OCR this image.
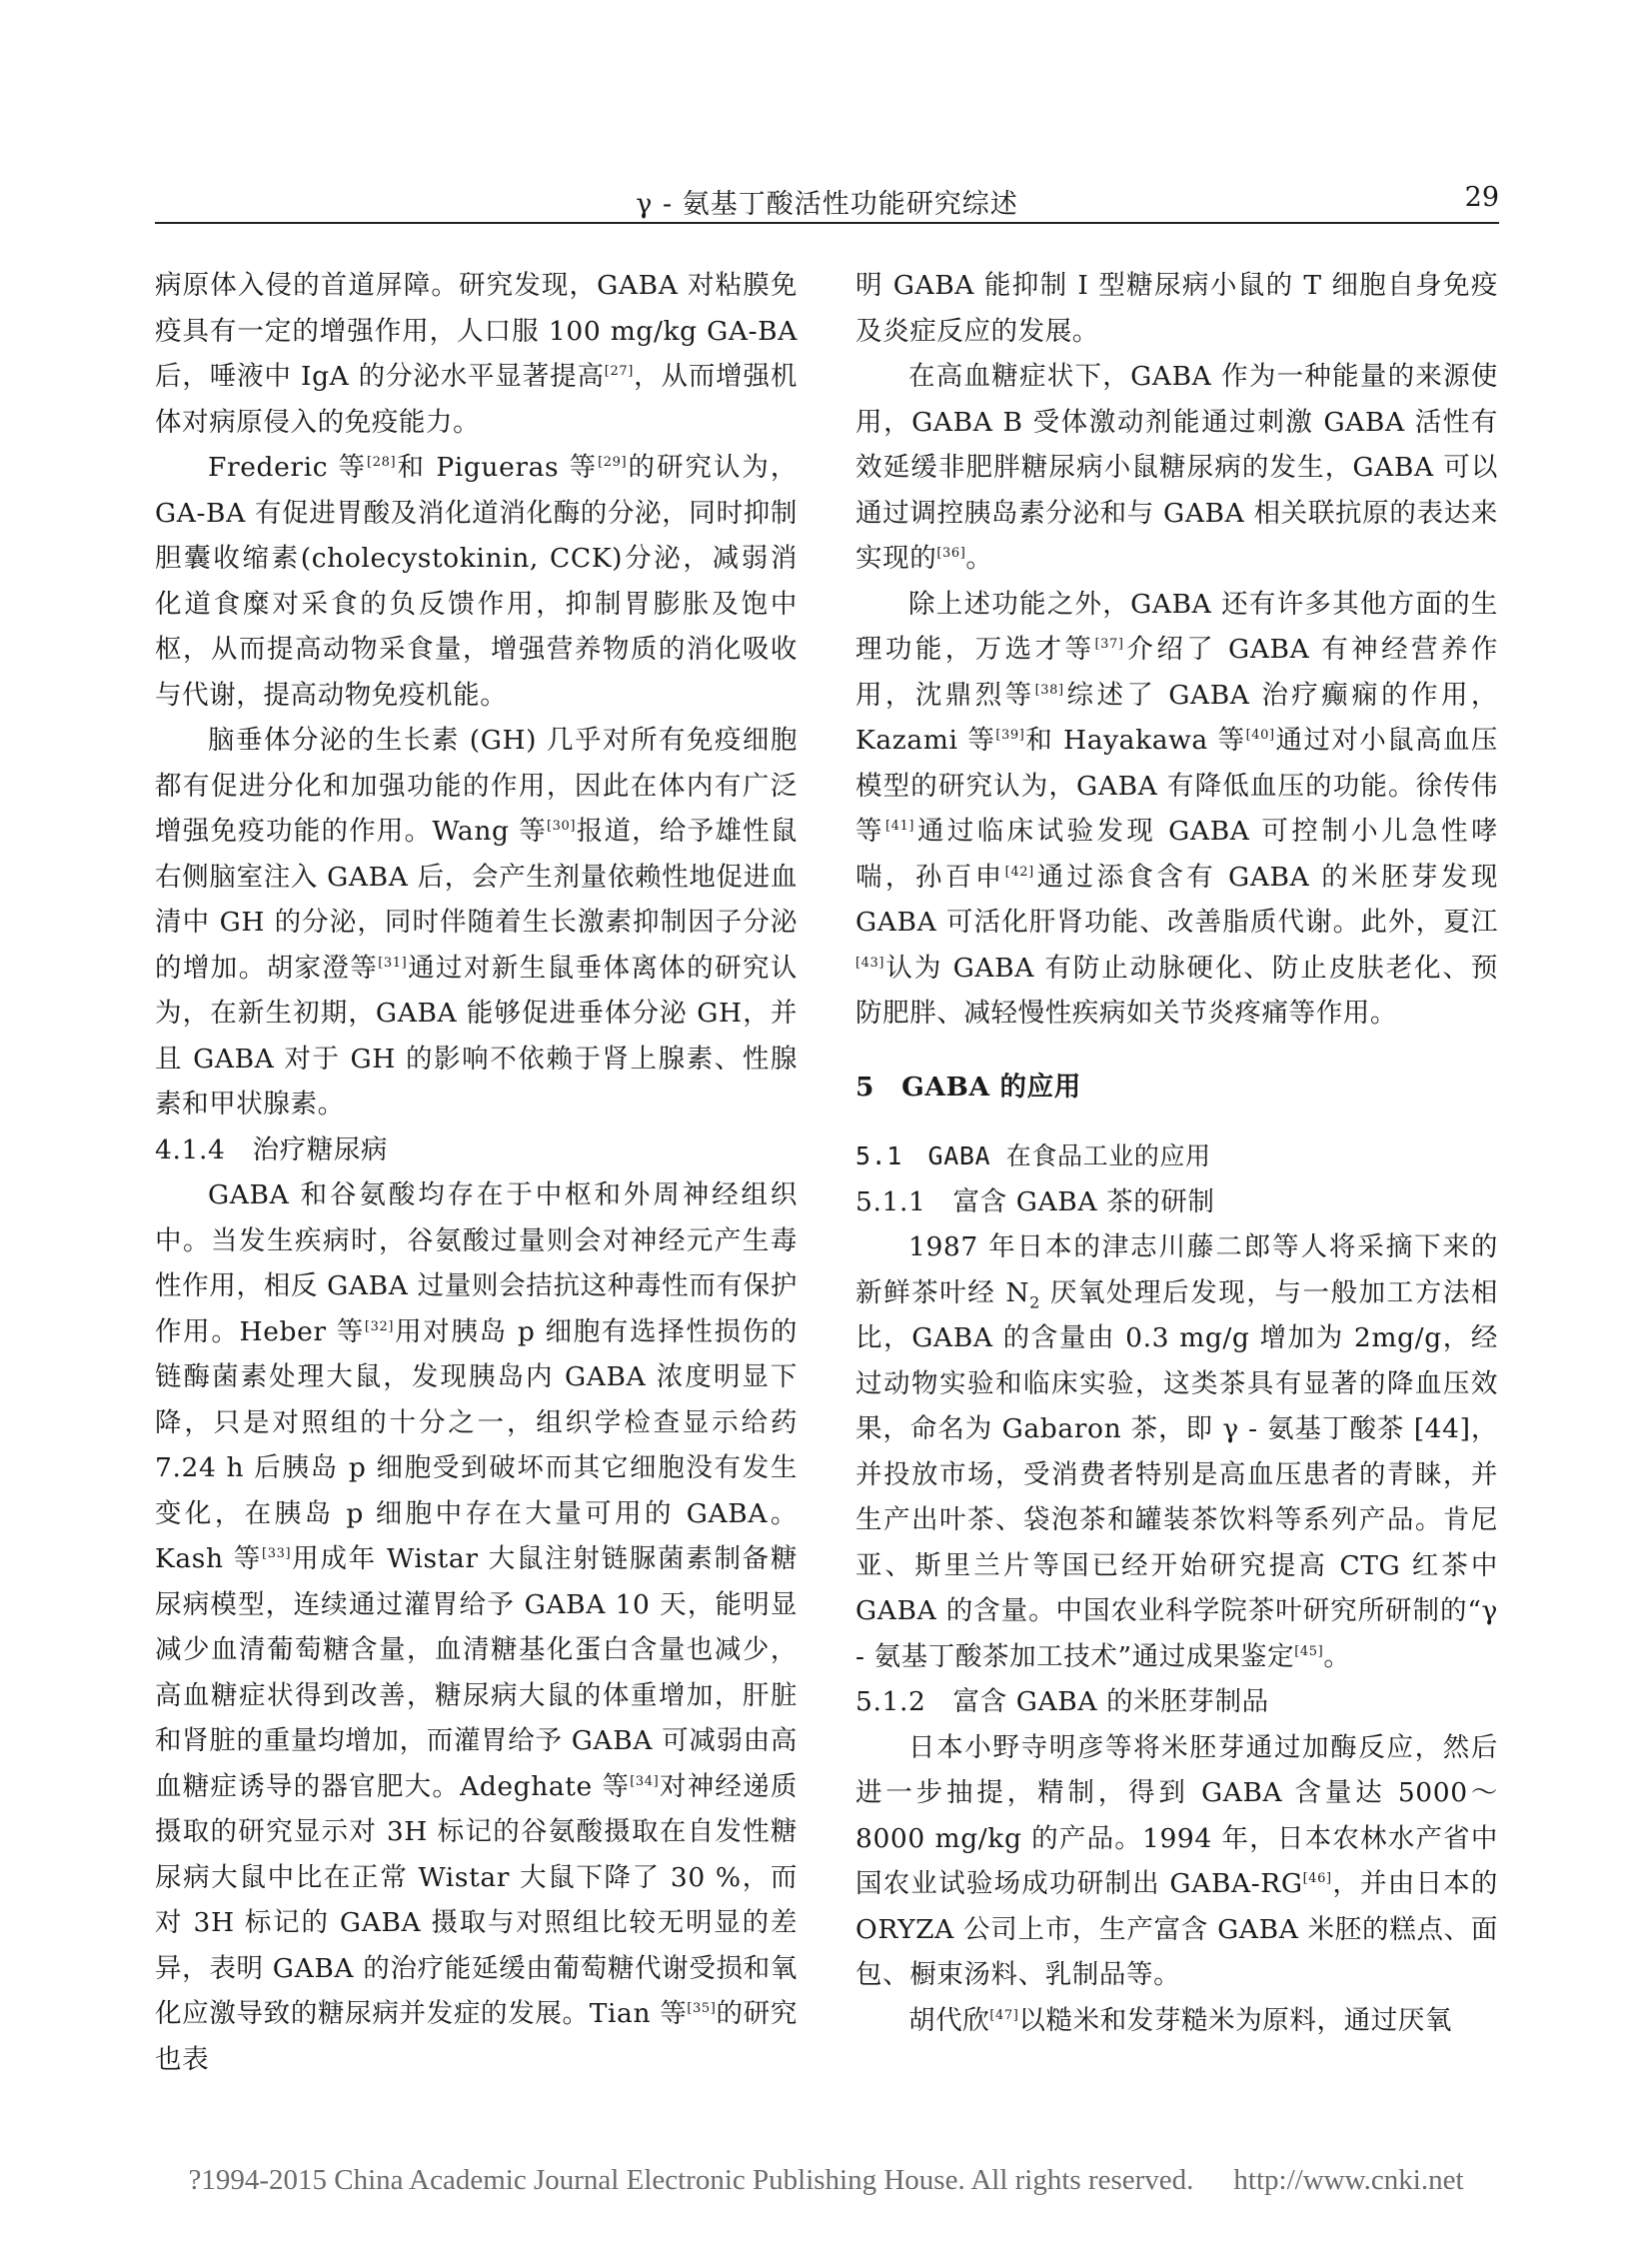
γ - 氨基丁酸活性功能研究综述	29

病原体入侵的首道屏障。研究发现，GABA 对粘膜免疫具有一定的增强作用，人口服 100 mg/kg GA-BA 后，唾液中 IgA 的分泌水平显著提高[27]，从而增强机体对病原侵入的免疫能力。

Frederic 等[28]和 Pigueras 等[29]的研究认为，GA-BA 有促进胃酸及消化道消化酶的分泌，同时抑制胆囊收缩素(cholecystokinin, CCK)分泌，减弱消化道食糜对采食的负反馈作用，抑制胃膨胀及饱中枢，从而提高动物采食量，增强营养物质的消化吸收与代谢，提高动物免疫机能。

脑垂体分泌的生长素 (GH) 几乎对所有免疫细胞都有促进分化和加强功能的作用，因此在体内有广泛增强免疫功能的作用。Wang 等[30]报道，给予雄性鼠右侧脑室注入 GABA 后，会产生剂量依赖性地促进血清中 GH 的分泌，同时伴随着生长激素抑制因子分泌的增加。胡家澄等[31]通过对新生鼠垂体离体的研究认为，在新生初期，GABA 能够促进垂体分泌 GH，并且 GABA 对于 GH 的影响不依赖于肾上腺素、性腺素和甲状腺素。

4.1.4　治疗糖尿病

GABA 和谷氨酸均存在于中枢和外周神经组织中。当发生疾病时，谷氨酸过量则会对神经元产生毒性作用，相反 GABA 过量则会拮抗这种毒性而有保护作用。Heber 等[32]用对胰岛 p 细胞有选择性损伤的链酶菌素处理大鼠，发现胰岛内 GABA 浓度明显下降，只是对照组的十分之一，组织学检查显示给药 7.24 h 后胰岛 p 细胞受到破坏而其它细胞没有发生变化，在胰岛 p 细胞中存在大量可用的 GABA。Kash 等[33]用成年 Wistar 大鼠注射链脲菌素制备糖尿病模型，连续通过灌胃给予 GABA 10 天，能明显减少血清葡萄糖含量，血清糖基化蛋白含量也减少，高血糖症状得到改善，糖尿病大鼠的体重增加，肝脏和肾脏的重量均增加，而灌胃给予 GABA 可减弱由高血糖症诱导的器官肥大。Adeghate 等[34]对神经递质摄取的研究显示对 3H 标记的谷氨酸摄取在自发性糖尿病大鼠中比在正常 Wistar 大鼠下降了 30 %，而对 3H 标记的 GABA 摄取与对照组比较无明显的差异，表明 GABA 的治疗能延缓由葡萄糖代谢受损和氧化应激导致的糖尿病并发症的发展。Tian 等[35]的研究也表

明 GABA 能抑制 I 型糖尿病小鼠的 T 细胞自身免疫及炎症反应的发展。

在高血糖症状下，GABA 作为一种能量的来源使用，GABA B 受体激动剂能通过刺激 GABA 活性有效延缓非肥胖糖尿病小鼠糖尿病的发生，GABA 可以通过调控胰岛素分泌和与 GABA 相关联抗原的表达来实现的[36]。

除上述功能之外，GABA 还有许多其他方面的生理功能，万选才等[37]介绍了 GABA 有神经营养作用，沈鼎烈等[38]综述了 GABA 治疗癫痫的作用，Kazami 等[39]和 Hayakawa 等[40]通过对小鼠高血压模型的研究认为，GABA 有降低血压的功能。徐传伟等[41]通过临床试验发现 GABA 可控制小儿急性哮喘，孙百申[42]通过添食含有 GABA 的米胚芽发现 GABA 可活化肝肾功能、改善脂质代谢。此外，夏江[43]认为 GABA 有防止动脉硬化、防止皮肤老化、预防肥胖、减轻慢性疾病如关节炎疼痛等作用。

5　GABA 的应用

5.1　GABA 在食品工业的应用

5.1.1　富含 GABA 茶的研制

1987 年日本的津志川藤二郎等人将采摘下来的新鲜茶叶经 $N_2$ 厌氧处理后发现，与一般加工方法相比，GABA 的含量由 0.3 mg/g 增加为 2mg/g，经过动物实验和临床实验，这类茶具有显著的降血压效果，命名为 Gabaron 茶，即 γ - 氨基丁酸茶 [44]，并投放市场，受消费者特别是高血压患者的青睐，并生产出叶茶、袋泡茶和罐装茶饮料等系列产品。肯尼亚、斯里兰片等国已经开始研究提高 CTG 红茶中 GABA 的含量。中国农业科学院茶叶研究所研制的“γ - 氨基丁酸茶加工技术”通过成果鉴定[45]。

5.1.2　富含 GABA 的米胚芽制品

日本小野寺明彦等将米胚芽通过加酶反应，然后进一步抽提，精制，得到 GABA 含量达 5000～8000 mg/kg 的产品。1994 年，日本农林水产省中国农业试验场成功研制出 GABA-RG[46]，并由日本的 ORYZA 公司上市，生产富含 GABA 米胚的糕点、面包、橱束汤料、乳制品等。

胡代欣[47]以糙米和发芽糙米为原料，通过厌氧

?1994-2015 China Academic Journal Electronic Publishing House. All rights reserved. http://www.cnki.net
